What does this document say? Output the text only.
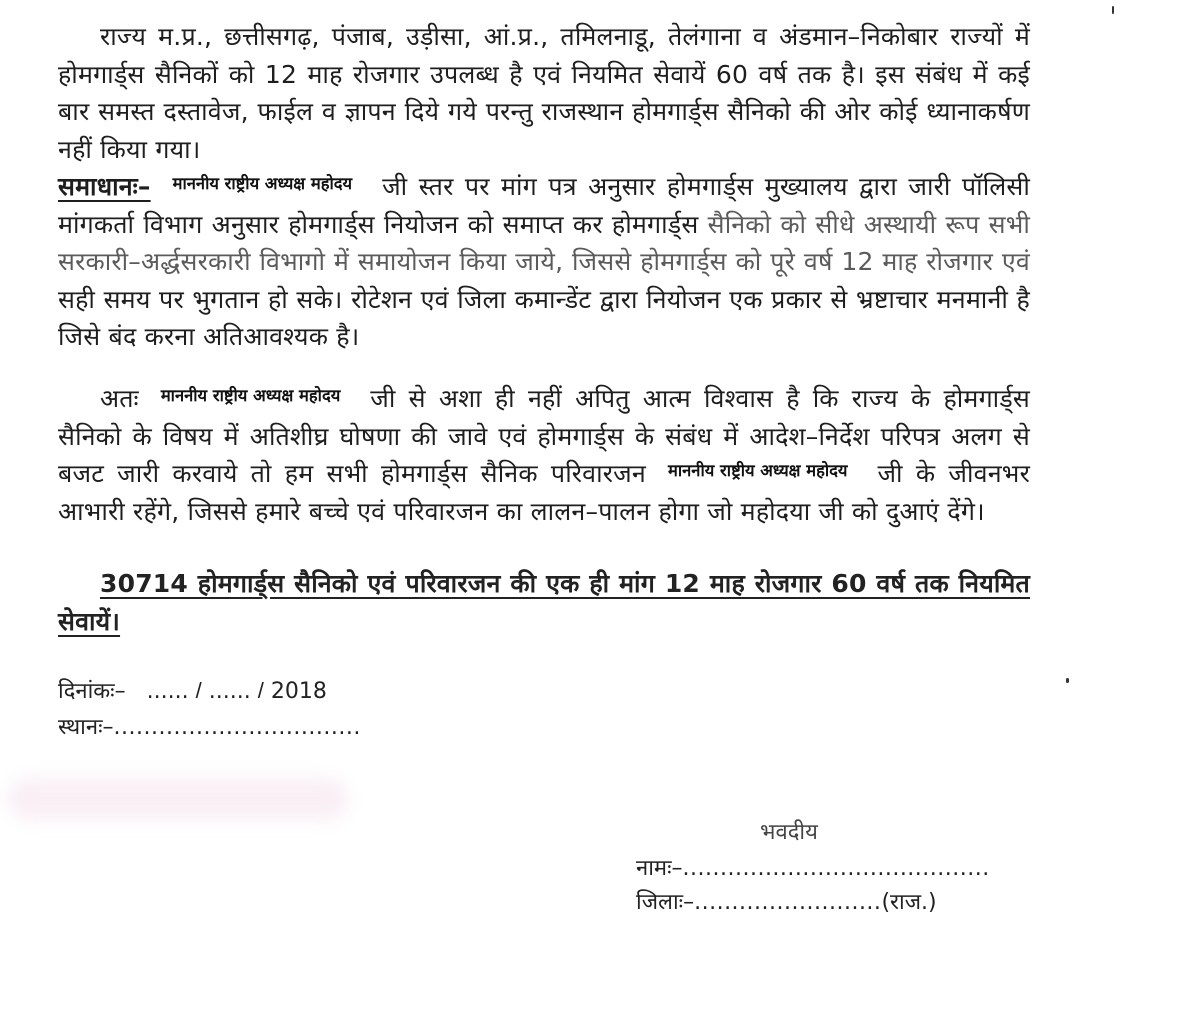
राज्य म.प्र., छत्तीसगढ़, पंजाब, उड़ीसा, आं.प्र., तमिलनाडू, तेलंगाना व अंडमान–निकोबार राज्यों में होमगार्ड्स सैनिकों को 12 माह रोजगार उपलब्ध है एवं नियमित सेवायें 60 वर्ष तक है। इस संबंध में कई बार समस्त दस्तावेज, फाईल व ज्ञापन दिये गये परन्तु राजस्थान होमगार्ड्स सैनिको की ओर कोई ध्यानाकर्षण नहीं किया गया।

समाधानः– माननीय राष्ट्रीय अध्यक्ष महोदय जी स्तर पर मांग पत्र अनुसार होमगार्ड्स मुख्यालय द्वारा जारी पॉलिसी मांगकर्ता विभाग अनुसार होमगार्ड्स नियोजन को समाप्त कर होमगार्ड्स सैनिको को सीधे अस्थायी रूप सभी सरकारी–अर्द्धसरकारी विभागो में समायोजन किया जाये, जिससे होमगार्ड्स को पूरे वर्ष 12 माह रोजगार एवं सही समय पर भुगतान हो सके। रोटेशन एवं जिला कमान्डेंट द्वारा नियोजन एक प्रकार से भ्रष्टाचार मनमानी है जिसे बंद करना अतिआवश्यक है।

अतः माननीय राष्ट्रीय अध्यक्ष महोदय जी से अशा ही नहीं अपितु आत्म विश्वास है कि राज्य के होमगार्ड्स सैनिको के विषय में अतिशीघ्र घोषणा की जावे एवं होमगार्ड्स के संबंध में आदेश–निर्देश परिपत्र अलग से बजट जारी करवाये तो हम सभी होमगार्ड्स सैनिक परिवारजन माननीय राष्ट्रीय अध्यक्ष महोदय जी के जीवनभर आभारी रहेंगे, जिससे हमारे बच्चे एवं परिवारजन का लालन–पालन होगा जो महोदया जी को दुआएं देंगे।

30714 होमगार्ड्स सैनिको एवं परिवारजन की एक ही मांग 12 माह रोजगार 60 वर्ष तक नियमित सेवायें।

दिनांकः– ...... / ...... / 2018

स्थानः–.................................

भवदीय
नामः–.........................................
जिलाः–.........................(राज.)
